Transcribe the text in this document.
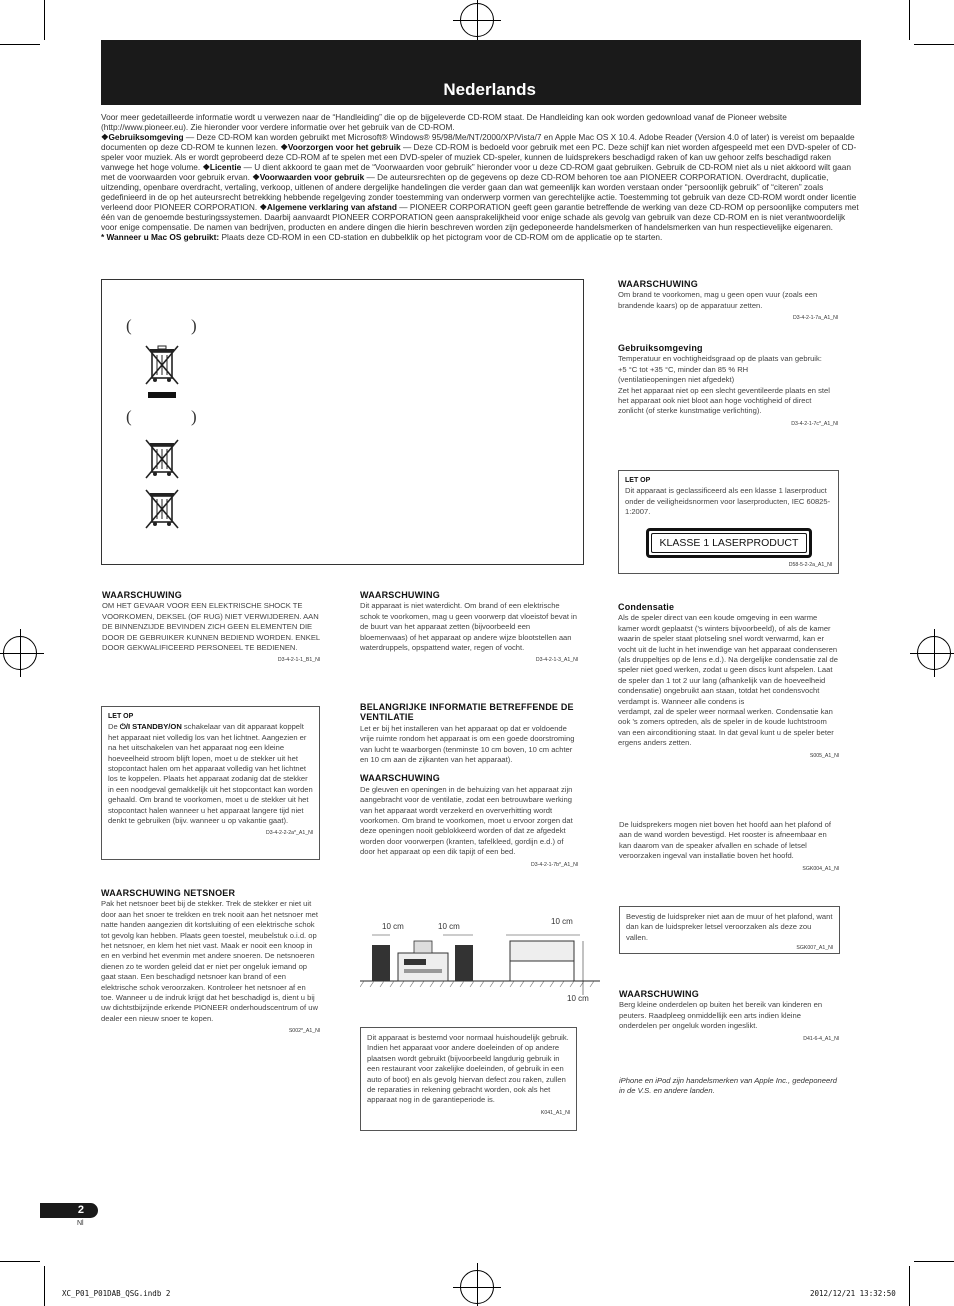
Nederlands
Voor meer gedetailleerde informatie wordt u verwezen naar de “Handleiding” die op de bijgeleverde CD-ROM staat. De Handleiding kan ook worden gedownload vanaf de Pioneer website (http://www.pioneer.eu). Zie hieronder voor verdere informatie over het gebruik van de CD-ROM.
❖Gebruiksomgeving — Deze CD-ROM kan worden gebruikt met Microsoft® Windows® 95/98/Me/NT/2000/XP/Vista/7 en Apple Mac OS X 10.4. Adobe Reader (Version 4.0 of later) is vereist om bepaalde documenten op deze CD-ROM te kunnen lezen. ❖Voorzorgen voor het gebruik — Deze CD-ROM is bedoeld voor gebruik met een PC. Deze schijf kan niet worden afgespeeld met een DVD-speler of CD-speler voor muziek. Als er wordt geprobeerd deze CD-ROM af te spelen met een DVD-speler of muziek CD-speler, kunnen de luidsprekers beschadigd raken of kan uw gehoor zelfs beschadigd raken vanwege het hoge volume. ❖Licentie — U dient akkoord te gaan met de “Voorwaarden voor gebruik” hieronder voor u deze CD-ROM gaat gebruiken. Gebruik de CD-ROM niet als u niet akkoord wilt gaan met de voorwaarden voor gebruik ervan. ❖Voorwaarden voor gebruik — De auteursrechten op de gegevens op deze CD-ROM behoren toe aan PIONEER CORPORATION. Overdracht, duplicatie, uitzending, openbare overdracht, vertaling, verkoop, uitlenen of andere dergelijke handelingen die verder gaan dan wat gemeenlijk kan worden verstaan onder “persoonlijk gebruik” of “citeren” zoals gedefinieerd in de op het auteursrecht betrekking hebbende regelgeving zonder toestemming van onderwerp vormen van gerechtelijke actie. Toestemming tot gebruik van deze CD-ROM wordt onder licentie verleend door PIONEER CORPORATION. ❖Algemene verklaring van afstand — PIONEER CORPORATION geeft geen garantie betreffende de werking van deze CD-ROM op persoonlijke computers met één van de genoemde besturingssystemen. Daarbij aanvaardt PIONEER CORPORATION geen aansprakelijkheid voor enige schade als gevolg van gebruik van deze CD-ROM en is niet verantwoordelijk voor enige compensatie. De namen van bedrijven, producten en andere dingen die hierin beschreven worden zijn gedeponeerde handelsmerken of handelsmerken van hun respectievelijke eigenaren.
* Wanneer u Mac OS gebruikt: Plaats deze CD-ROM in een CD-station en dubbelklik op het pictogram voor de CD-ROM om de applicatie op te starten.
(	)
(	)
WAARSCHUWING
OM HET GEVAAR VOOR EEN ELEKTRISCHE SHOCK TE VOORKOMEN, DEKSEL (OF RUG) NIET VERWIJDEREN. AAN DE BINNENZIJDE BEVINDEN ZICH GEEN ELEMENTEN DIE DOOR DE GEBRUIKER KUNNEN BEDIEND WORDEN. ENKEL DOOR GEKWALIFICEERD PERSONEEL TE BEDIENEN.
D3-4-2-1-1_B1_Nl
LET OP
De ⏻/I STANDBY/ON schakelaar van dit apparaat koppelt het apparaat niet volledig los van het lichtnet. Aangezien er na het uitschakelen van het apparaat nog een kleine hoeveelheid stroom blijft lopen, moet u de stekker uit het stopcontact halen om het apparaat volledig van het lichtnet los te koppelen. Plaats het apparaat zodanig dat de stekker in een noodgeval gemakkelijk uit het stopcontact kan worden gehaald. Om brand te voorkomen, moet u de stekker uit het stopcontact halen wanneer u het apparaat langere tijd niet denkt te gebruiken (bijv. wanneer u op vakantie gaat).
D3-4-2-2-2a*_A1_Nl
WAARSCHUWING NETSNOER
Pak het netsnoer beet bij de stekker. Trek de stekker er niet uit door aan het snoer te trekken en trek nooit aan het netsnoer met natte handen aangezien dit kortsluiting of een elektrische schok tot gevolg kan hebben. Plaats geen toestel, meubelstuk o.i.d. op het netsnoer, en klem het niet vast. Maak er nooit een knoop in en en verbind het evenmin met andere snoeren. De netsnoeren dienen zo te worden geleid dat er niet per ongeluk iemand op gaat staan. Een beschadigd netsnoer kan brand of een elektrische schok veroorzaken. Kontroleer het netsnoer af en toe. Wanneer u de indruk krijgt dat het beschadigd is, dient u bij uw dichtstbijzijnde erkende PIONEER onderhoudscentrum of uw dealer een nieuw snoer te kopen.
S002*_A1_Nl
WAARSCHUWING
Dit apparaat is niet waterdicht. Om brand of een elektrische schok te voorkomen, mag u geen voorwerp dat vloeistof bevat in de buurt van het apparaat zetten (bijvoorbeeld een bloemenvaas) of het apparaat op andere wijze blootstellen aan waterdruppels, opspattend water, regen of vocht.
D3-4-2-1-3_A1_Nl
BELANGRIJKE INFORMATIE BETREFFENDE DE VENTILATIE
Let er bij het installeren van het apparaat op dat er voldoende vrije ruimte rondom het apparaat is om een goede doorstroming van lucht te waarborgen (tenminste 10 cm boven, 10 cm achter en 10 cm aan de zijkanten van het apparaat).
WAARSCHUWING
De gleuven en openingen in de behuizing van het apparaat zijn aangebracht voor de ventilatie, zodat een betrouwbare werking van het apparaat wordt verzekerd en oververhitting wordt voorkomen. Om brand te voorkomen, moet u ervoor zorgen dat deze openingen nooit geblokkeerd worden of dat ze afgedekt worden door voorwerpen (kranten, tafelkleed, gordijn e.d.) of door het apparaat op een dik tapijt of een bed.
D3-4-2-1-7b*_A1_Nl
10 cm	10 cm
10 cm
10 cm
Dit apparaat is bestemd voor normaal huishoudelijk gebruik. Indien het apparaat voor andere doeleinden of op andere plaatsen wordt gebruikt (bijvoorbeeld langdurig gebruik in een restaurant voor zakelijke doeleinden, of gebruik in een auto of boot) en als gevolg hiervan defect zou raken, zullen de reparaties in rekening gebracht worden, ook als het apparaat nog in de garantieperiode is.
K041_A1_Nl
WAARSCHUWING
Om brand te voorkomen, mag u geen open vuur (zoals een brandende kaars) op de apparatuur zetten.
D3-4-2-1-7a_A1_Nl
Gebruiksomgeving
Temperatuur en vochtigheidsgraad op de plaats van gebruik:
+5 °C tot +35 °C, minder dan 85 % RH
(ventilatieopeningen niet afgedekt)
Zet het apparaat niet op een slecht geventileerde plaats en stel het apparaat ook niet bloot aan hoge vochtigheid of direct zonlicht (of sterke kunstmatige verlichting).
D3-4-2-1-7c*_A1_Nl
LET OP
Dit apparaat is geclassificeerd als een klasse 1 laserproduct onder de veiligheidsnormen voor laserproducten, IEC 60825-1:2007.
D58-5-2-2a_A1_Nl
KLASSE 1 LASERPRODUCT
Condensatie
Als de speler direct van een koude omgeving in een warme kamer wordt geplaatst (’s winters bijvoorbeeld), of als de kamer waarin de speler staat plotseling snel wordt verwarmd, kan er vocht uit de lucht in het inwendige van het apparaat condenseren (als druppeltjes op de lens e.d.). Na dergelijke condensatie zal de speler niet goed werken, zodat u geen discs kunt afspelen. Laat de speler dan 1 tot 2 uur lang (afhankelijk van de hoeveelheid condensatie) ongebruikt aan staan, totdat het condensvocht verdampt is. Wanneer alle condens is
verdampt, zal de speler weer normaal werken. Condensatie kan ook ’s zomers optreden, als de speler in de koude luchtstroom van een airconditioning staat. In dat geval kunt u de speler beter ergens anders zetten.
S005_A1_Nl
De luidsprekers mogen niet boven het hoofd aan het plafond of aan de wand worden bevestigd. Het rooster is afneembaar en kan daarom van de speaker afvallen en schade of letsel veroorzaken ingeval van installatie boven het hoofd.
SGK004_A1_Nl
Bevestig de luidspreker niet aan de muur of het plafond, want dan kan de luidspreker letsel veroorzaken als deze zou vallen.
SGK007_A1_Nl
WAARSCHUWING
Berg kleine onderdelen op buiten het bereik van kinderen en peuters. Raadpleeg onmiddellijk een arts indien kleine onderdelen per ongeluk worden ingeslikt.
D41-6-4_A1_Nl
iPhone en iPod zijn handelsmerken van Apple Inc., gedeponeerd in de V.S. en andere landen.
2
Nl
XC_P01_P01DAB_QSG.indb 2	2012/12/21 13:32:50
